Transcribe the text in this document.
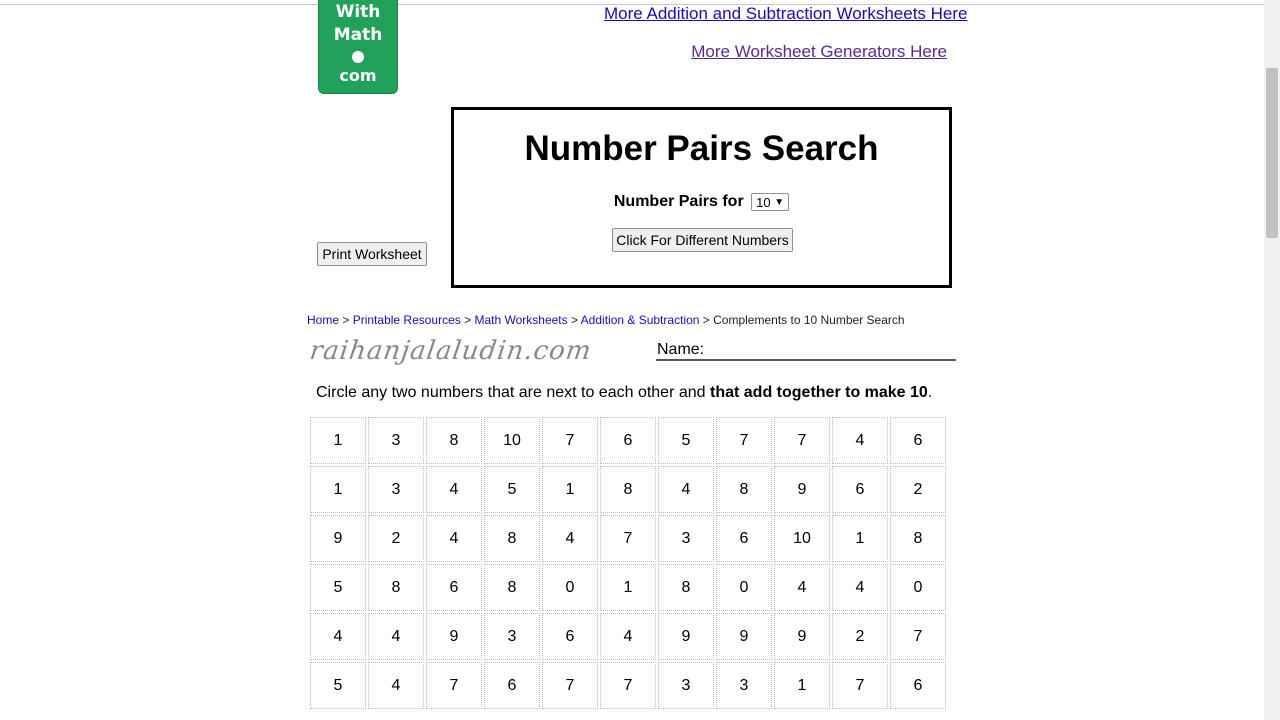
With
Math
com
More Addition and Subtraction Worksheets Here
More Worksheet Generators Here
Print Worksheet
Number Pairs Search
Number Pairs for 10 ▼
Click For Different Numbers
Home > Printable Resources > Math Worksheets > Addition & Subtraction > Complements to 10 Number Search
raihanjalaludin.com	Name:
Circle any two numbers that are next to each other and that add together to make 10.
1	3	8	10	7	6	5	7	7	4	6
1	3	4	5	1	8	4	8	9	6	2
9	2	4	8	4	7	3	6	10	1	8
5	8	6	8	0	1	8	0	4	4	0
4	4	9	3	6	4	9	9	9	2	7
5	4	7	6	7	7	3	3	1	7	6
